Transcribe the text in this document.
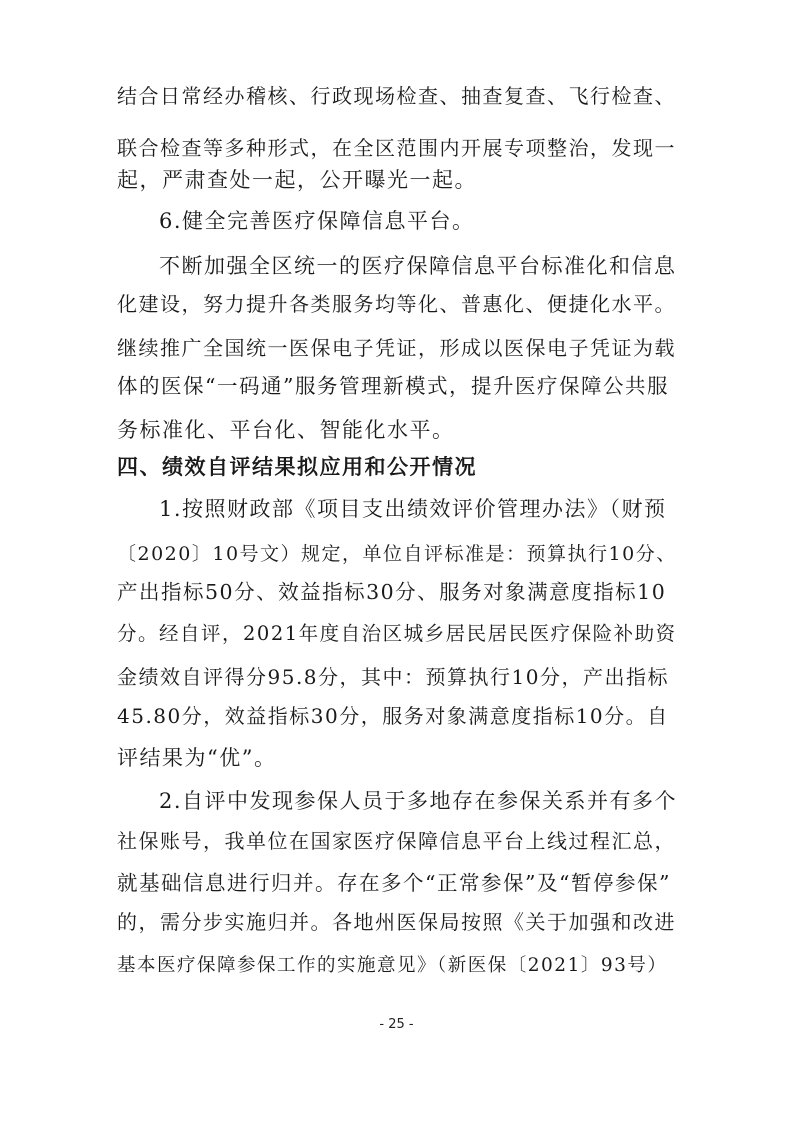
结合日常经办稽核、行政现场检查、抽查复查、飞行检查、
联合检查等多种形式，在全区范围内开展专项整治，发现一
起，严肃查处一起，公开曝光一起。
6.健全完善医疗保障信息平台。
不断加强全区统一的医疗保障信息平台标准化和信息
化建设，努力提升各类服务均等化、普惠化、便捷化水平。
继续推广全国统一医保电子凭证，形成以医保电子凭证为载
体的医保“一码通”服务管理新模式，提升医疗保障公共服
务标准化、平台化、智能化水平。
四、绩效自评结果拟应用和公开情况
1.按照财政部《项目支出绩效评价管理办法》（财预
〔2020〕10号文）规定，单位自评标准是：预算执行10分、
产出指标50分、效益指标30分、服务对象满意度指标10
分。经自评，2021年度自治区城乡居民居民医疗保险补助资
金绩效自评得分95.8分，其中：预算执行10分，产出指标
45.80分，效益指标30分，服务对象满意度指标10分。自
评结果为“优”。
2.自评中发现参保人员于多地存在参保关系并有多个
社保账号，我单位在国家医疗保障信息平台上线过程汇总，
就基础信息进行归并。存在多个“正常参保”及“暂停参保”
的，需分步实施归并。各地州医保局按照《关于加强和改进
基本医疗保障参保工作的实施意见》（新医保〔2021〕93号）
- 25 -
